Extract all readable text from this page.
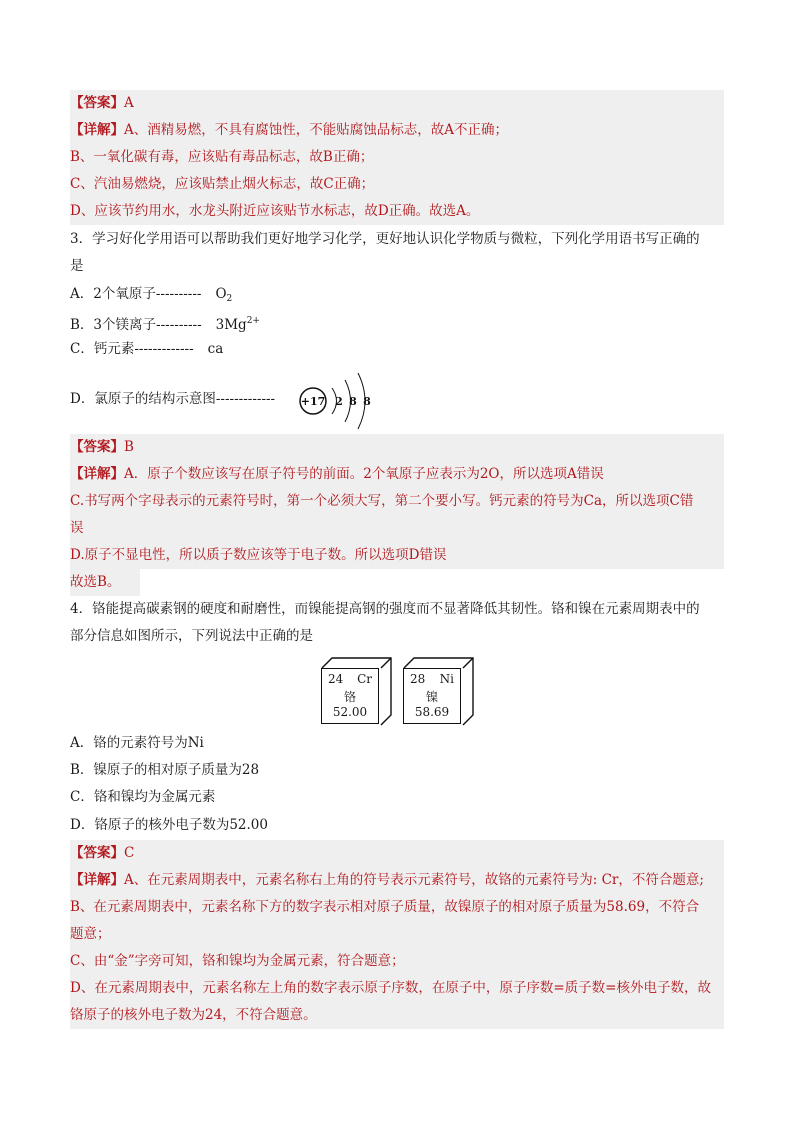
【答案】A
【详解】A、酒精易燃，不具有腐蚀性，不能贴腐蚀品标志，故A不正确；
B、一氧化碳有毒，应该贴有毒品标志，故B正确；
C、汽油易燃烧，应该贴禁止烟火标志，故C正确；
D、应该节约用水，水龙头附近应该贴节水标志，故D正确。故选A。
3．学习好化学用语可以帮助我们更好地学习化学，更好地认识化学物质与微粒，下列化学用语书写正确的
是
A．2个氧原子---------- $O_2$
B．3个镁离子---------- $3Mg^{2+}$
C．钙元素------------- ca
D．氯原子的结构示意图-------------	+17 2 8 8
【答案】B
【详解】A．原子个数应该写在原子符号的前面。2个氧原子应表示为2O，所以选项A错误
C.书写两个字母表示的元素符号时，第一个必须大写，第二个要小写。钙元素的符号为Ca，所以选项C错
误
D.原子不显电性，所以质子数应该等于电子数。所以选项D错误
故选B。
4．铬能提高碳素钢的硬度和耐磨性，而镍能提高钢的强度而不显著降低其韧性。铬和镍在元素周期表中的
部分信息如图所示，下列说法中正确的是
24 Cr
铬
52.00
28 Ni
镍
58.69
A．铬的元素符号为Ni
B．镍原子的相对原子质量为28
C．铬和镍均为金属元素
D．铬原子的核外电子数为52.00
【答案】C
【详解】A、在元素周期表中，元素名称右上角的符号表示元素符号，故铬的元素符号为: Cr，不符合题意;
B、在元素周期表中，元素名称下方的数字表示相对原子质量，故镍原子的相对原子质量为58.69，不符合
题意；
C、由“金”字旁可知，铬和镍均为金属元素，符合题意；
D、在元素周期表中，元素名称左上角的数字表示原子序数，在原子中，原子序数=质子数=核外电子数，故
铬原子的核外电子数为24，不符合题意。
